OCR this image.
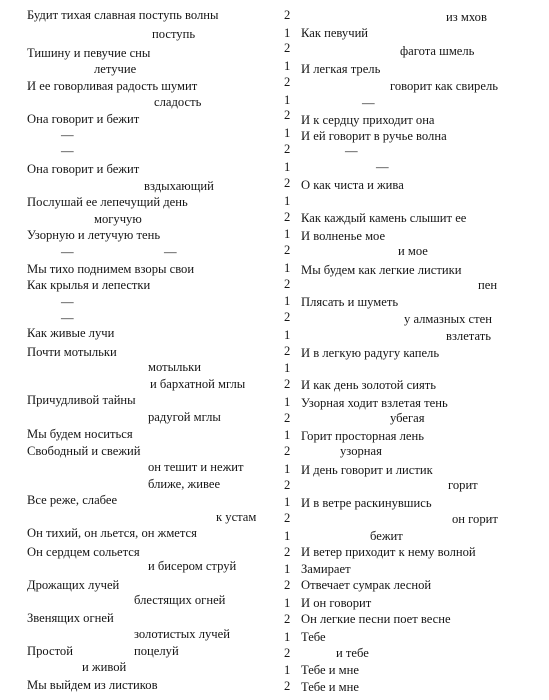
Будит тихая славная поступь волны
поступь
Тишину и певучие сны
летучие
И ее говорливая радость шумит
сладость
Она говорит и бежит
—
—
Она говорит и бежит
вздыхающий
Послушай ее лепечущий день
могучую
Узорную и летучую тень
—	—
Мы тихо поднимем взоры свои
Как крылья и лепестки
—
—
Как живые лучи
Почти мотыльки
мотыльки
и бархатной мглы
Причудливой тайны
радугой мглы
Мы будем носиться
Свободный и свежий
он тешит и нежит
ближе, живее
Все реже, слабее
к устам
Он тихий, он льется, он жмется
Он сердцем сольется
и бисером струй
Дрожащих лучей
блестящих огней
Звенящих огней
золотистых лучей
Простой	поцелуй
и живой
Мы выйдем из листиков
2
1
2
1
2
1
2
1
2
1
2
1
2
1
2
1
2
1
2
1
2
1
2
1
2
1
2
1
2
1
2
1
2
1
2
1
2
1
2
1
2
из мхов
Как певучий
фагота шмель
И легкая трель
говорит как свирель
—
И к сердцу приходит она
И ей говорит в ручье волна
—
—
О как чиста и жива
Как каждый камень слышит ее
И волненье мое
и мое
Мы будем как легкие листики
пен
Плясать и шуметь
у алмазных стен
взлетать
И в легкую радугу капель
И как день золотой сиять
Узорная ходит взлетая тень
убегая
Горит просторная лень
узорная
И день говорит и листик
горит
И в ветре раскинувшись
он горит
бежит
И ветер приходит к нему волной
Замирает
Отвечает сумрак лесной
И он говорит
Он легкие песни поет весне
Тебе
и тебе
Тебе и мне
Тебе и мне
